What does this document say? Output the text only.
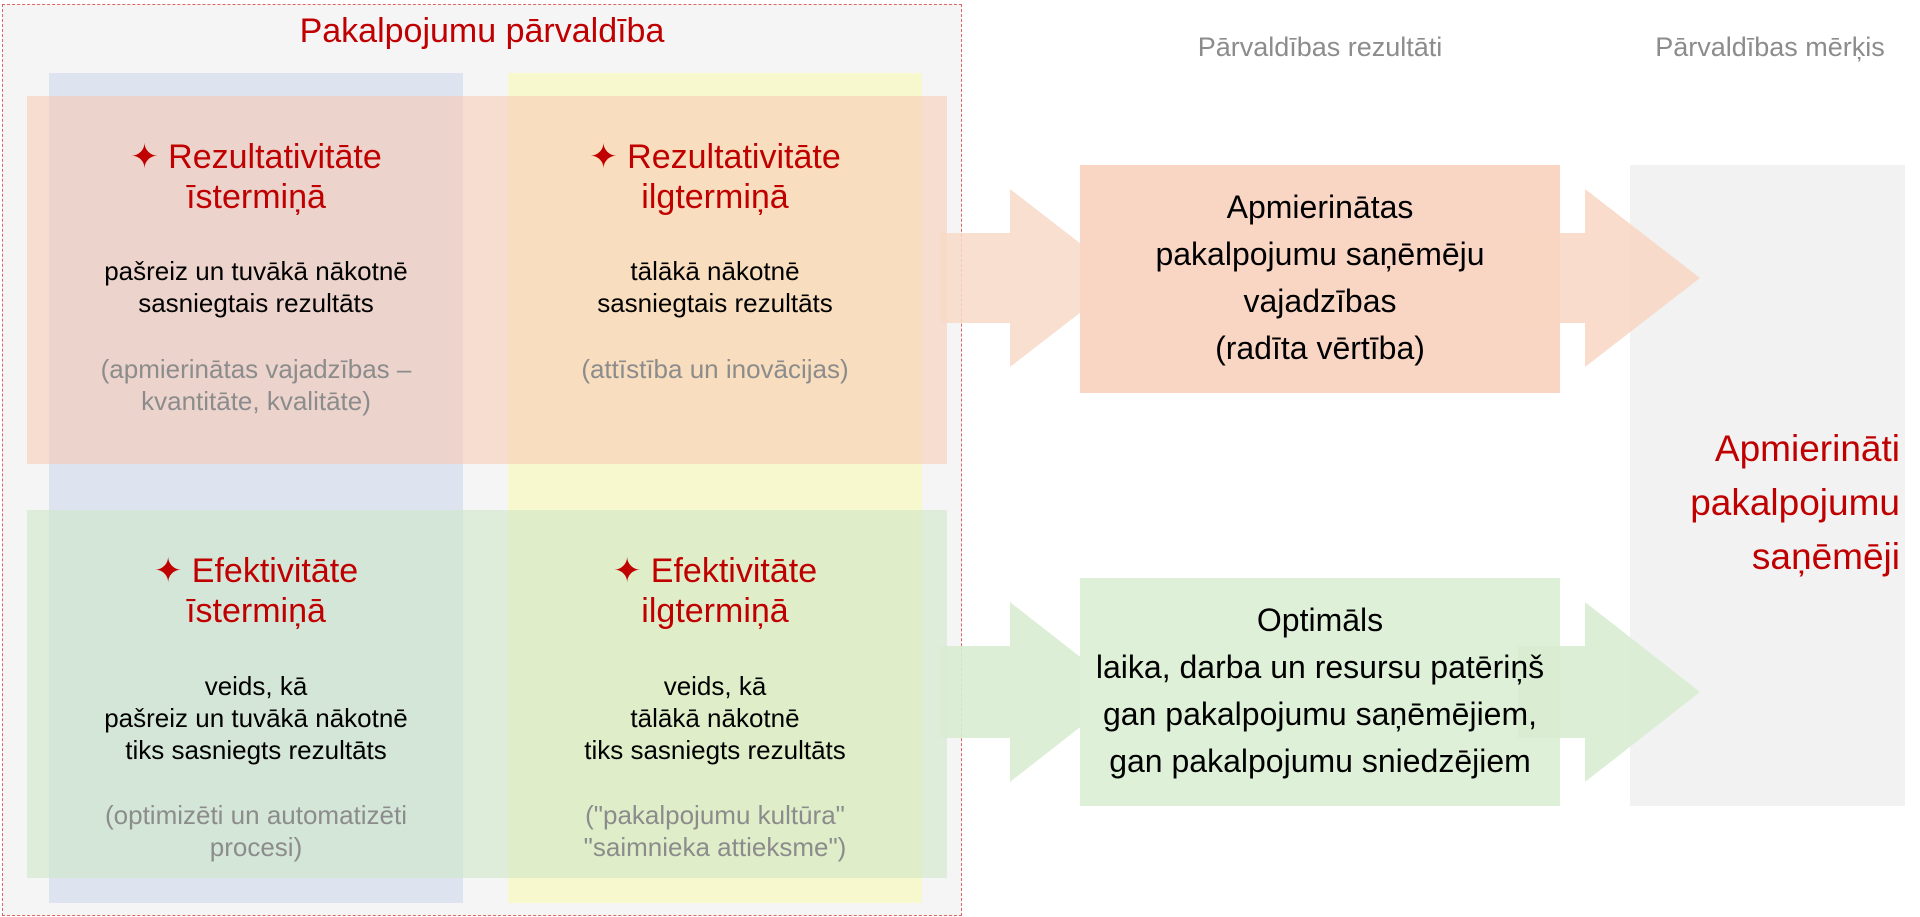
Pakalpojumu pārvaldība	Pārvaldības rezultāti	Pārvaldības mērķis
✦ Rezultativitāte
īstermiņā
pašreiz un tuvākā nākotnē
sasniegtais rezultāts
(apmierinātas vajadzības –
kvantitāte, kvalitāte)
✦ Rezultativitāte
ilgtermiņā
tālākā nākotnē
sasniegtais rezultāts
(attīstība un inovācijas)
✦ Efektivitāte
īstermiņā
veids, kā
pašreiz un tuvākā nākotnē
tiks sasniegts rezultāts
(optimizēti un automatizēti
procesi)
✦ Efektivitāte
ilgtermiņā
veids, kā
tālākā nākotnē
tiks sasniegts rezultāts
("pakalpojumu kultūra"
"saimnieka attieksme")
Apmierinātas
pakalpojumu saņēmēju
vajadzības
(radīta vērtība)
Optimāls
laika, darba un resursu patēriņš
gan pakalpojumu saņēmējiem,
gan pakalpojumu sniedzējiem
Apmierināti
pakalpojumu
saņēmēji
